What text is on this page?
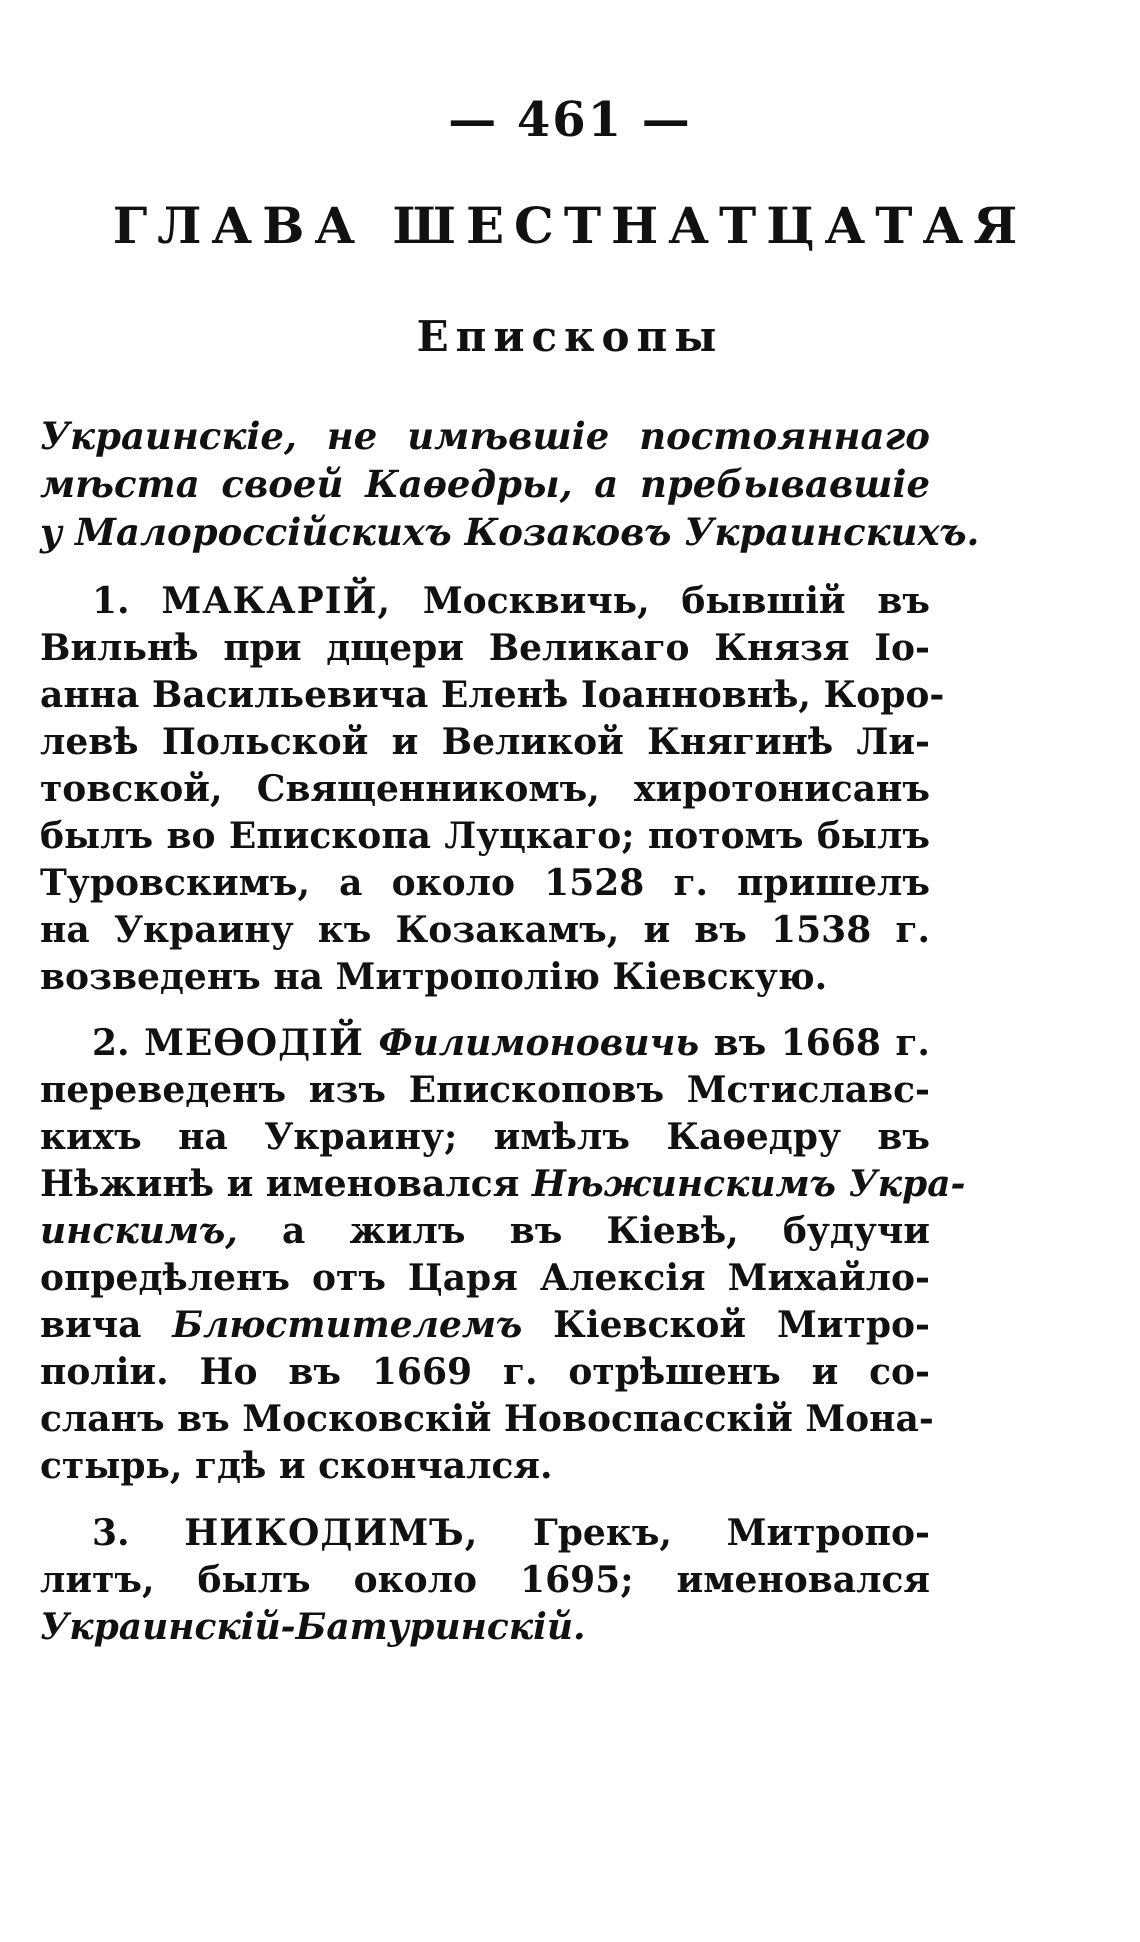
— 461 —
ГЛАВА ШЕСТНАТЦАТАЯ
Епископы
Украинскіе, не имѣвшіе постояннаго
мѣста своей Каѳедры, а пребывавшіе
у Малороссійскихъ Козаковъ Украинскихъ.
1. МАКАРІЙ, Москвичь, бывшій въ
Вильнѣ при дщери Великаго Князя Іо-
анна Васильевича Еленѣ Іоанновнѣ, Коро-
левѣ Польской и Великой Княгинѣ Ли-
товской, Священникомъ, хиротонисанъ
былъ во Епископа Луцкаго; потомъ былъ
Туровскимъ, а около 1528 г. пришелъ
на Украину къ Козакамъ, и въ 1538 г.
возведенъ на Митрополію Кіевскую.
2. МЕѲОДІЙ Филимоновичь въ 1668 г.
переведенъ изъ Епископовъ Мстиславс-
кихъ на Украину; имѣлъ Каѳедру въ
Нѣжинѣ и именовался Нѣжинскимъ Укра-
инскимъ, а жилъ въ Кіевѣ, будучи
опредѣленъ отъ Царя Алексія Михайло-
вича Блюстителемъ Кіевской Митро-
поліи. Но въ 1669 г. отрѣшенъ и со-
сланъ въ Московскій Новоспасскій Мона-
стырь, гдѣ и скончался.
3. НИКОДИМЪ, Грекъ, Митропо-
литъ, былъ около 1695; именовался
Украинскій-Батуринскій.
